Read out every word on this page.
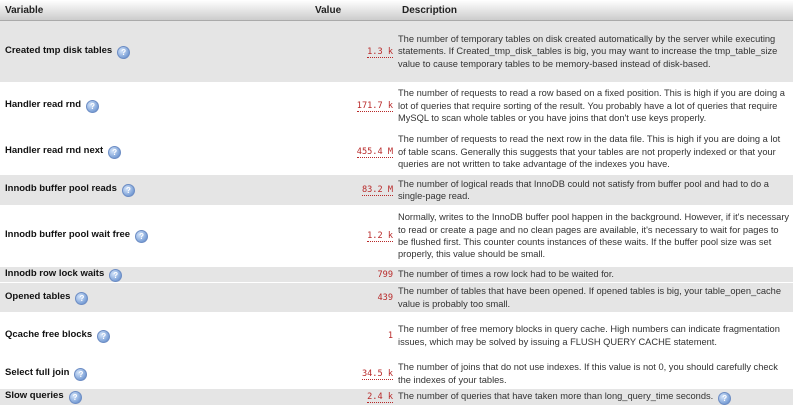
Variable	Value	Description
Created tmp disk tables?	1.3 k	The number of temporary tables on disk created automatically by the server while executing statements. If Created_tmp_disk_tables is big, you may want to increase the tmp_table_size value to cause temporary tables to be memory-based instead of disk-based.
Handler read rnd?	171.7 k	The number of requests to read a row based on a fixed position. This is high if you are doing a lot of queries that require sorting of the result. You probably have a lot of queries that require MySQL to scan whole tables or you have joins that don't use keys properly.
Handler read rnd next?	455.4 M	The number of requests to read the next row in the data file. This is high if you are doing a lot of table scans. Generally this suggests that your tables are not properly indexed or that your queries are not written to take advantage of the indexes you have.
Innodb buffer pool reads?	83.2 M	The number of logical reads that InnoDB could not satisfy from buffer pool and had to do a single-page read.
Innodb buffer pool wait free?	1.2 k	Normally, writes to the InnoDB buffer pool happen in the background. However, if it's necessary to read or create a page and no clean pages are available, it's necessary to wait for pages to be flushed first. This counter counts instances of these waits. If the buffer pool size was set properly, this value should be small.
Innodb row lock waits?	799	The number of times a row lock had to be waited for.
Opened tables?	439	The number of tables that have been opened. If opened tables is big, your table_open_cache value is probably too small.
Qcache free blocks?	1	The number of free memory blocks in query cache. High numbers can indicate fragmentation issues, which may be solved by issuing a FLUSH QUERY CACHE statement.
Select full join?	34.5 k	The number of joins that do not use indexes. If this value is not 0, you should carefully check the indexes of your tables.
Slow queries?	2.4 k	The number of queries that have taken more than long_query_time seconds.?
